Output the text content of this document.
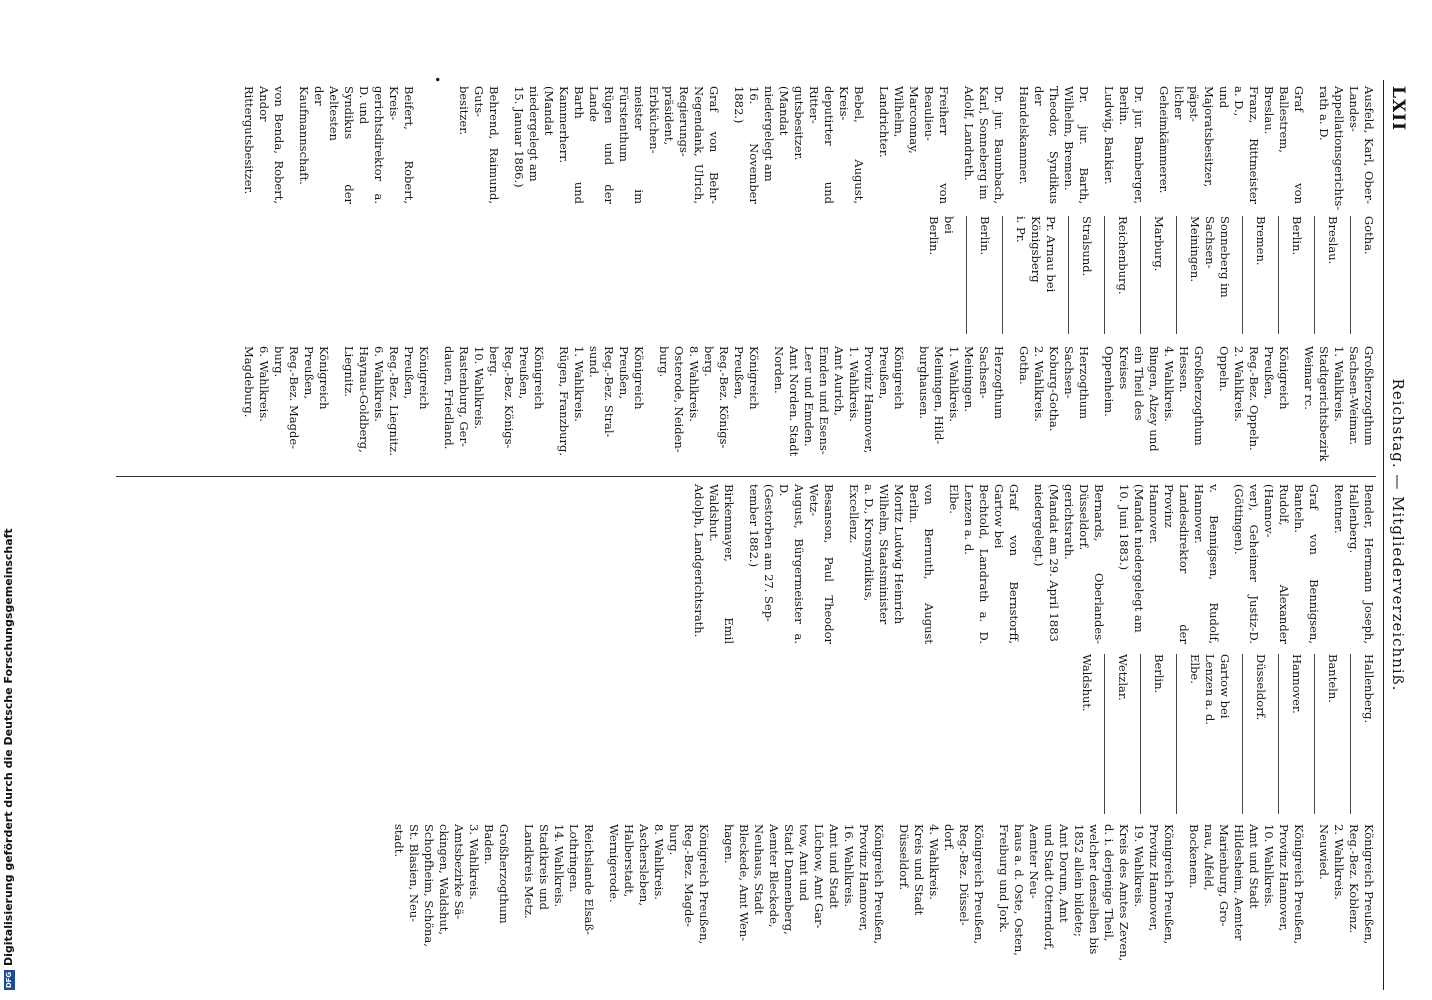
DFGDigitalisierung gefördert durch die Deutsche Forschungsgemeinschaft
LXII
Reichstag. — Mitgliederverzeichniß.
Ausfeld, Karl, Ober-Landes-
Appellationsgerichts-
rath a. D.
Graf von Ballestrem, Breslau.
Franz, Rittmeister a. D.,
und Majoratsbesitzer, päpst-
licher Geheimkämmerer.
Dr. jur. Bamberger, Berlin.
Ludwig, Bankier.
Dr. jur. Barth, Wilhelm, Bremen.
Theodor, Syndikus der
Handelskammer.
Dr. jur. Baumbach, Karl, Sonneberg im
Adolf, Landrath.
Freiherr von Beaulieu-Marconnay, Wilhelm,
Landrichter.
Bebel, August, Kreis-
deputirter und Ritter-
gutsbesitzer.
(Mandat niedergelegt am
16. November 1882.)
Graf von Behr-Negendank, Ulrich, Regierungs-
präsident, Erbküchen-
meister im Fürstenthum
Rügen und der Lande
Barth und Kammerherr.
(Mandat niedergelegt am
15. Januar 1886.)
Behrend, Raimund, Guts-
besitzer.

•

Beifert, Robert, Kreis-
gerichtsdirektor a. D. und
Syndikus der Aeltesten
der Kaufmannschaft.

von Benda, Robert, Andor
Rittergutsbesitzer.
Gotha.
Breslau.
Berlin.
Bremen.
Sonneberg im
Sachsen-
Meiningen.
Marburg.
Reichenburg.
Stralsund.
Pr. Arnau bei
Königsberg
i. Pr.
Berlin.
bei
Berlin.
Großherzogthum
Sachsen-Weimar.
1. Wahlkreis.
Stadtgerichtsbezirk
Weimar rc.
Königreich Preußen,
Reg.-Bez. Oppeln.
2. Wahlkreis.
Oppeln.
Großherzogthum
Hessen.
4. Wahlkreis.
Bingen, Alzey und
ein Theil des Kreises
Oppenheim.
Herzogthum Sachsen-
Koburg-Gotha.
2. Wahlkreis.
Gotha.
Herzogthum Sachsen-
Meiningen.
1. Wahlkreis.
Meiningen, Hild-
burghausen.
Königreich Preußen,
Provinz Hannover,
1. Wahlkreis.
Amt Aurich,
Emden und Esens-
Leer und Emden.
Amt Norden. Stadt
Norden.
Königreich Preußen,
Reg.-Bez. Königs-
berg.
8. Wahlkreis.
Osterode, Neiden-
burg.
Königreich Preußen,
Reg.-Bez. Stral-
sund.
1. Wahlkreis.
Rügen, Franzburg.
Königreich Preußen,
Reg.-Bez. Königs-
berg.
10. Wahlkreis.
Rastenburg, Ger-
dauen, Friedland.
Königreich Preußen,
Reg.-Bez. Liegnitz.
6. Wahlkreis.
Haynau-Goldberg,
Liegnitz.
Königreich Preußen,
Reg.-Bez. Magde-
burg.
6. Wahlkreis.
Magdeburg.
Bender, Hermann Joseph, Hallenberg.
Rentner.
Graf von Bennigsen, Banteln.
Rudolf, Alexander (Hannov-
ver), Geheimer Justiz-D. (Göttingen).
v. Bennigsen, Rudolf, Hannover.
Landesdirektor der Provinz
Hannover.
(Mandat niedergelegt am
10. Juni 1883.)
Bernards, Oberlandes-Düsseldorf.
gerichtsrath.
(Mandat am 29. April 1883
niedergelegt.)
Graf von Bernstorff, Gartow bei
Bechtold, Landrath a. D. Lenzen a. d.
Elbe.
von Bernuth, August Berlin.
Moritz Ludwig Heinrich
Wilhelm, Staatsminister
a. D., Kronsyndikus,
Excellenz.
Besanson, Paul Theodor Wetz-
August, Bürgermeister a. D.
(Gestorben am 27. Sep-
tember 1882.)
Birkenmayer, Emil Waldshut.
Adolph, Landgerichtsrath.
Hallenberg.
Banteln.
Hannover.
Düsseldorf.
Gartow bei
Lenzen a. d.
Elbe.
Berlin.
Wetzlar.
Waldshut.
Königreich Preußen,
Reg.-Bez. Koblenz.
2. Wahlkreis.
Neuwied.
Königreich Preußen,
Provinz Hannover,
10. Wahlkreis.
Amt und Stadt
Hildesheim, Aemter
Marienburg, Gro-
nau, Alfeld,
Bockenem.
Königreich Preußen,
Provinz Hannover,
19. Wahlkreis.
Kreis des Amtes Zeven,
d. i. derjenige Theil,
welcher denselben bis
1852 allein bildete;
Amt Dorum, Amt
und Stadt Otterndorf, Aemter Neu-
haus a. d. Oste, Osten,
Freiburg und Jork.
Königreich Preußen,
Reg.-Bez. Düssel-
dorf.
4. Wahlkreis.
Kreis und Stadt
Düsseldorf.
Königreich Preußen,
Provinz Hannover,
16. Wahlkreis.
Amt und Stadt
Lüchow, Amt Gar-
tow, Amt und
Stadt Dannenberg,
Aemter Bleckede,
Neuhaus, Stadt
Bleckede, Amt Wen-
hagen.
Königreich Preußen,
Reg.-Bez. Magde-
burg.
8. Wahlkreis.
Aschersleben,
Halberstadt,
Wernigerode.
Reichslande Elsaß-
Lothringen.
14. Wahlkreis.
Stadtkreis und
Landkreis Metz.
Großherzogthum
Baden.
3. Wahlkreis.
Amtsbezirke Sä-
ckingen, Waldshut,
Schopfheim, Schöna,
St. Blasien, Neu-
stadt.
